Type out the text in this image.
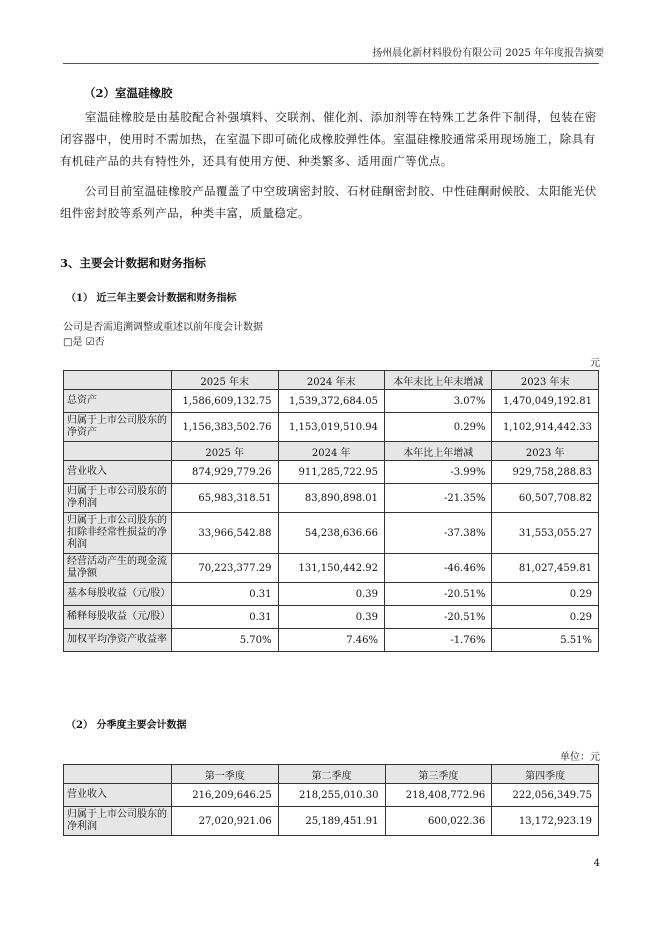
扬州晨化新材料股份有限公司 2025 年年度报告摘要
（2）室温硅橡胶

室温硅橡胶是由基胶配合补强填料、交联剂、催化剂、添加剂等在特殊工艺条件下制得，包装在密闭容器中，使用时不需加热，在室温下即可硫化成橡胶弹性体。室温硅橡胶通常采用现场施工，除具有有机硅产品的共有特性外，还具有使用方便、种类繁多、适用面广等优点。

公司目前室温硅橡胶产品覆盖了中空玻璃密封胶、石材硅酮密封胶、中性硅酮耐候胶、太阳能光伏组件密封胶等系列产品，种类丰富，质量稳定。

3、主要会计数据和财务指标
（1） 近三年主要会计数据和财务指标
公司是否需追溯调整或重述以前年度会计数据
□是 ☑否
元
	2025 年末	2024 年末	本年末比上年末增减	2023 年末
总资产	1,586,609,132.75	1,539,372,684.05	3.07%	1,470,049,192.81
归属于上市公司股东的净资产	1,156,383,502.76	1,153,019,510.94	0.29%	1,102,914,442.33
	2025 年	2024 年	本年比上年增减	2023 年
营业收入	874,929,779.26	911,285,722.95	-3.99%	929,758,288.83
归属于上市公司股东的净利润	65,983,318.51	83,890,898.01	-21.35%	60,507,708.82
归属于上市公司股东的扣除非经常性损益的净利润	33,966,542.88	54,238,636.66	-37.38%	31,553,055.27
经营活动产生的现金流量净额	70,223,377.29	131,150,442.92	-46.46%	81,027,459.81
基本每股收益（元/股）	0.31	0.39	-20.51%	0.29
稀释每股收益（元/股）	0.31	0.39	-20.51%	0.29
加权平均净资产收益率	5.70%	7.46%	-1.76%	5.51%
（2） 分季度主要会计数据
单位：元
	第一季度	第二季度	第三季度	第四季度
营业收入	216,209,646.25	218,255,010.30	218,408,772.96	222,056,349.75
归属于上市公司股东的净利润	27,020,921.06	25,189,451.91	600,022.36	13,172,923.19
4
